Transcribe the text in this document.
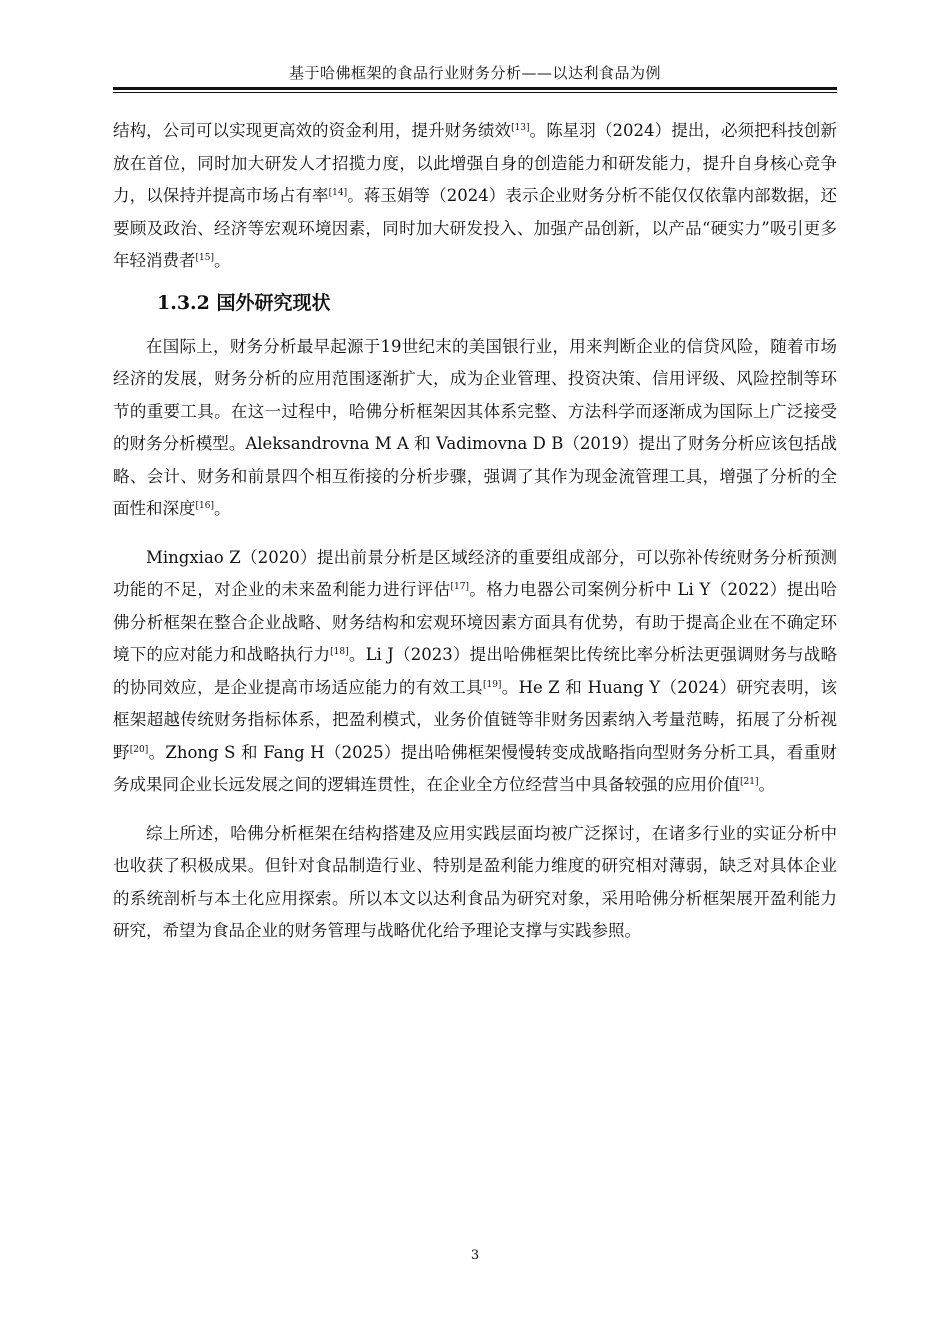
基于哈佛框架的食品行业财务分析——以达利食品为例

结构，公司可以实现更高效的资金利用，提升财务绩效[13]。陈星羽（2024）提出，必须把科技创新放在首位，同时加大研发人才招揽力度，以此增强自身的创造能力和研发能力，提升自身核心竞争力，以保持并提高市场占有率[14]。蒋玉娟等（2024）表示企业财务分析不能仅仅依靠内部数据，还要顾及政治、经济等宏观环境因素，同时加大研发投入、加强产品创新，以产品“硬实力”吸引更多年轻消费者[15]。

1.3.2 国外研究现状

在国际上，财务分析最早起源于19世纪末的美国银行业，用来判断企业的信贷风险，随着市场经济的发展，财务分析的应用范围逐渐扩大，成为企业管理、投资决策、信用评级、风险控制等环节的重要工具。在这一过程中，哈佛分析框架因其体系完整、方法科学而逐渐成为国际上广泛接受的财务分析模型。Aleksandrovna M A 和 Vadimovna D B（2019）提出了财务分析应该包括战略、会计、财务和前景四个相互衔接的分析步骤，强调了其作为现金流管理工具，增强了分析的全面性和深度[16]。

Mingxiao Z（2020）提出前景分析是区域经济的重要组成部分，可以弥补传统财务分析预测功能的不足，对企业的未来盈利能力进行评估[17]。格力电器公司案例分析中 Li Y（2022）提出哈佛分析框架在整合企业战略、财务结构和宏观环境因素方面具有优势，有助于提高企业在不确定环境下的应对能力和战略执行力[18]。Li J（2023）提出哈佛框架比传统比率分析法更强调财务与战略的协同效应，是企业提高市场适应能力的有效工具[19]。He Z 和 Huang Y（2024）研究表明，该框架超越传统财务指标体系，把盈利模式，业务价值链等非财务因素纳入考量范畴，拓展了分析视野[20]。Zhong S 和 Fang H（2025）提出哈佛框架慢慢转变成战略指向型财务分析工具，看重财务成果同企业长远发展之间的逻辑连贯性，在企业全方位经营当中具备较强的应用价值[21]。

综上所述，哈佛分析框架在结构搭建及应用实践层面均被广泛探讨，在诸多行业的实证分析中也收获了积极成果。但针对食品制造行业、特别是盈利能力维度的研究相对薄弱，缺乏对具体企业的系统剖析与本土化应用探索。所以本文以达利食品为研究对象，采用哈佛分析框架展开盈利能力研究，希望为食品企业的财务管理与战略优化给予理论支撑与实践参照。

3
